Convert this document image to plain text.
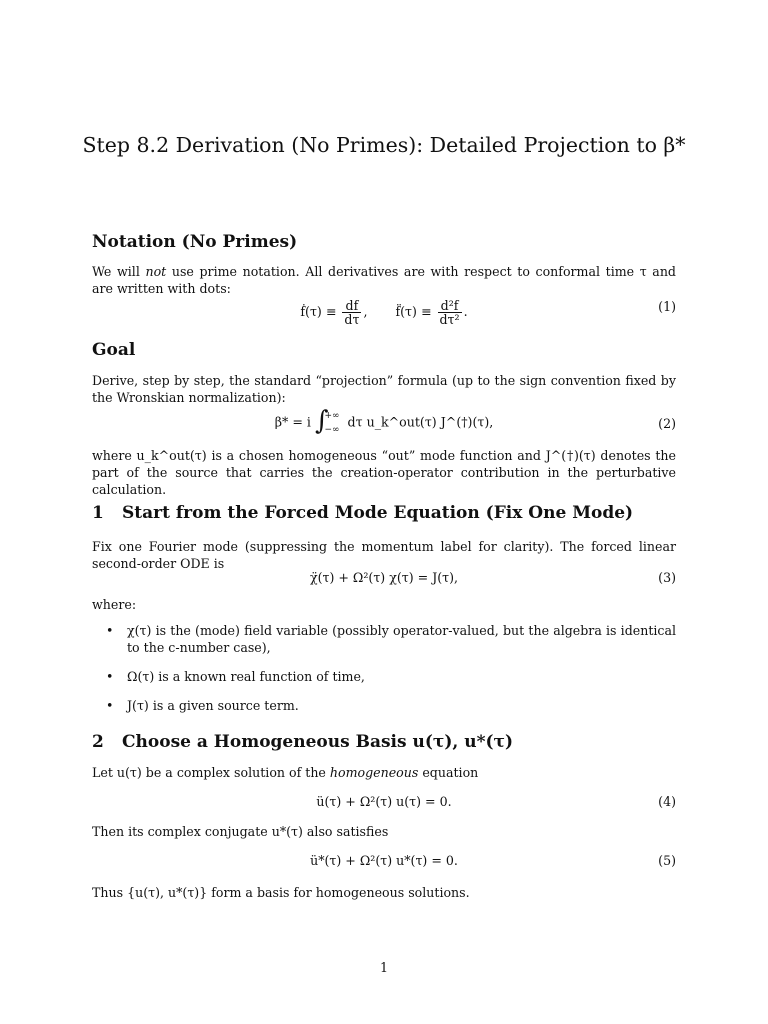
Step 8.2 Derivation (No Primes): Detailed Projection to β*
Notation (No Primes)
We will not use prime notation. All derivatives are with respect to conformal time τ and are written with dots:
ḟ(τ) ≡ $\frac{df}{d\tau}$ , f̈(τ) ≡ $\frac{\text{d²f}}{\text{dτ²}}$ .	(1)
Goal
Derive, step by step, the standard “projection” formula (up to the sign convention fixed by the Wronskian normalization):
β* = i ∫
+∞
−∞
dτ u_k^out(τ) J^(†)(τ),	(2)
where u_k^out(τ) is a chosen homogeneous “out” mode function and J^(†)(τ) denotes the part of the source that carries the creation-operator contribution in the perturbative calculation.
1 Start from the Forced Mode Equation (Fix One Mode)
Fix one Fourier mode (suppressing the momentum label for clarity). The forced linear second-order ODE is
χ̈(τ) + Ω²(τ) χ(τ) = J(τ),	(3)
where:
• χ(τ) is the (mode) field variable (possibly operator-valued, but the algebra is identical to the c-number case),
• Ω(τ) is a known real function of time,
• J(τ) is a given source term.
2 Choose a Homogeneous Basis u(τ), u*(τ)
Let u(τ) be a complex solution of the homogeneous equation
ü(τ) + Ω²(τ) u(τ) = 0.	(4)
Then its complex conjugate u*(τ) also satisfies
ü*(τ) + Ω²(τ) u*(τ) = 0.	(5)
Thus {u(τ), u*(τ)} form a basis for homogeneous solutions.
1
